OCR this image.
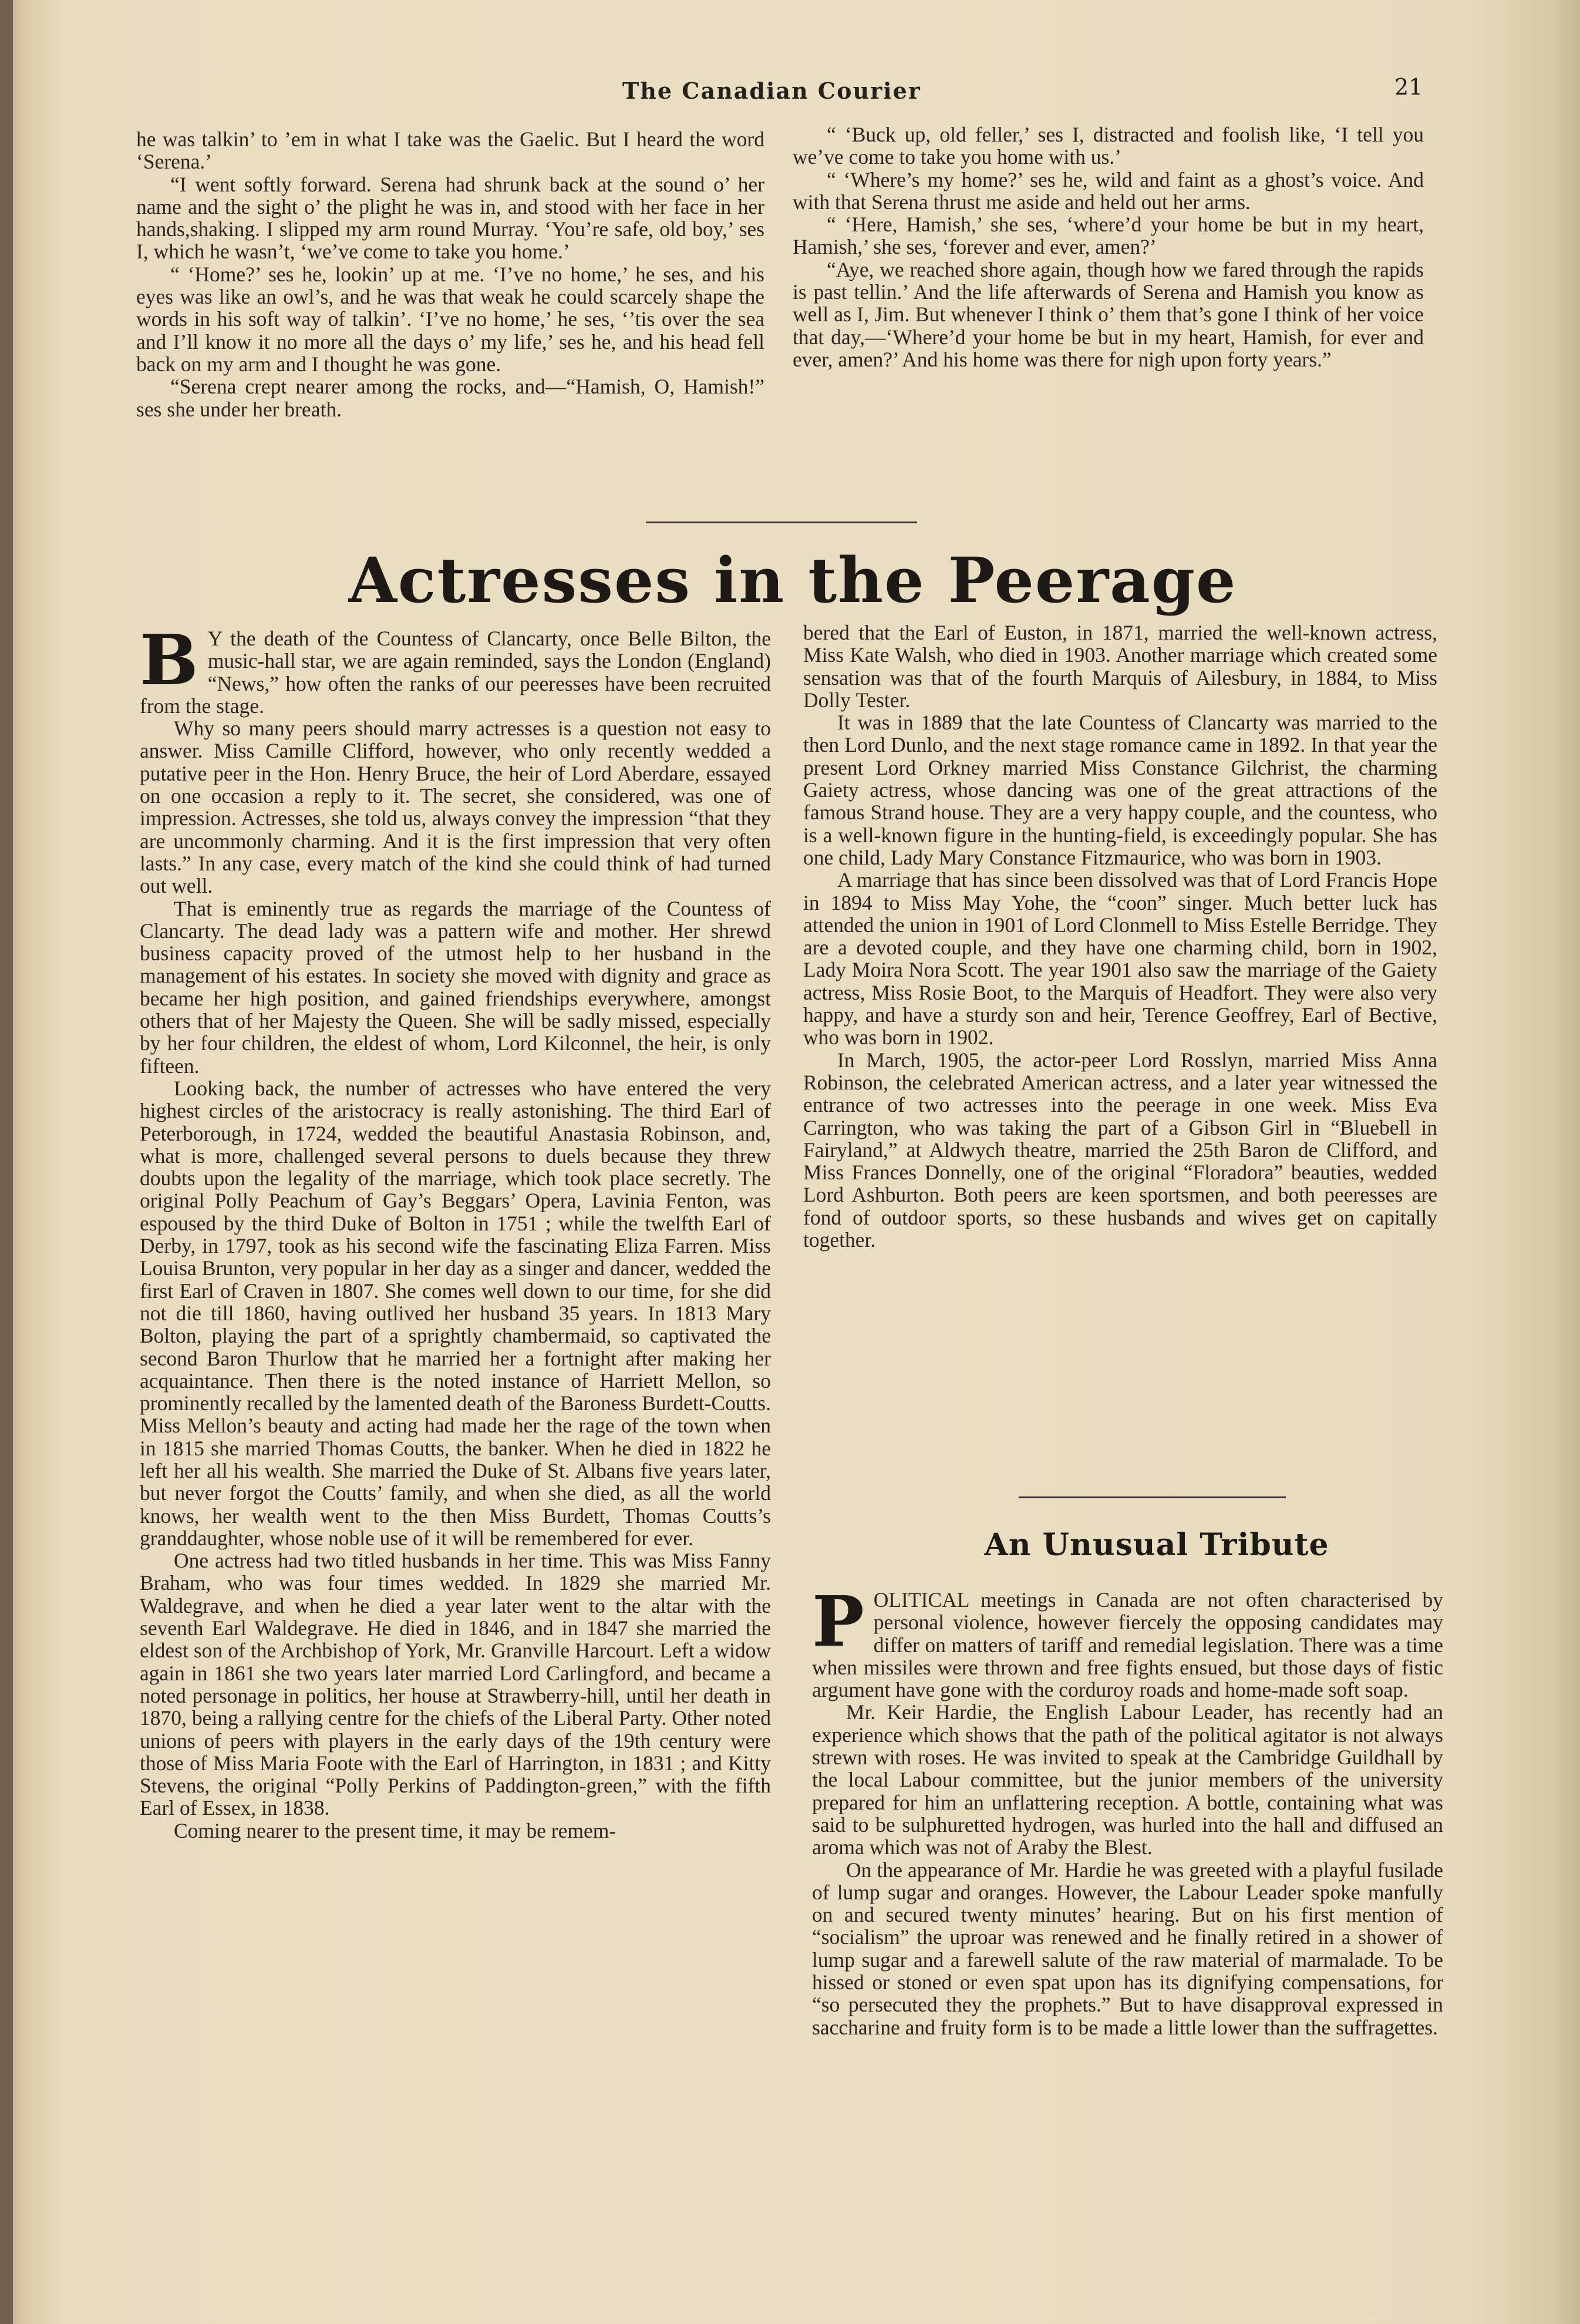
The Canadian Courier	21

he was talkin’ to ’em in what I take was the Gaelic. But I heard the word ‘Serena.’

“I went softly forward. Serena had shrunk back at the sound o’ her name and the sight o’ the plight he was in, and stood with her face in her hands,shaking. I slipped my arm round Murray. ‘You’re safe, old boy,’ ses I, which he wasn’t, ‘we’ve come to take you home.’

“ ‘Home?’ ses he, lookin’ up at me. ‘I’ve no home,’ he ses, and his eyes was like an owl’s, and he was that weak he could scarcely shape the words in his soft way of talkin’. ‘I’ve no home,’ he ses, ‘’tis over the sea and I’ll know it no more all the days o’ my life,’ ses he, and his head fell back on my arm and I thought he was gone.

“Serena crept nearer among the rocks, and—“Hamish, O, Hamish!” ses she under her breath.

“ ‘Buck up, old feller,’ ses I, distracted and foolish like, ‘I tell you we’ve come to take you home with us.’

“ ‘Where’s my home?’ ses he, wild and faint as a ghost’s voice. And with that Serena thrust me aside and held out her arms.

“ ‘Here, Hamish,’ she ses, ‘where’d your home be but in my heart, Hamish,’ she ses, ‘forever and ever, amen?’

“Aye, we reached shore again, though how we fared through the rapids is past tellin.’ And the life afterwards of Serena and Hamish you know as well as I, Jim. But whenever I think o’ them that’s gone I think of her voice that day,—‘Where’d your home be but in my heart, Hamish, for ever and ever, amen?’ And his home was there for nigh upon forty years.”

Actresses in the Peerage

B Y the death of the Countess of Clancarty, once Belle Bilton, the music-hall star, we are again reminded, says the London (England) “News,” how often the ranks of our peeresses have been recruited from the stage.

Why so many peers should marry actresses is a question not easy to answer. Miss Camille Clifford, however, who only recently wedded a putative peer in the Hon. Henry Bruce, the heir of Lord Aberdare, essayed on one occasion a reply to it. The secret, she considered, was one of impression. Actresses, she told us, always convey the impression “that they are uncommonly charming. And it is the first impression that very often lasts.” In any case, every match of the kind she could think of had turned out well.

That is eminently true as regards the marriage of the Countess of Clancarty. The dead lady was a pattern wife and mother. Her shrewd business capacity proved of the utmost help to her husband in the management of his estates. In society she moved with dignity and grace as became her high position, and gained friendships everywhere, amongst others that of her Majesty the Queen. She will be sadly missed, especially by her four children, the eldest of whom, Lord Kilconnel, the heir, is only fifteen.

Looking back, the number of actresses who have entered the very highest circles of the aristocracy is really astonishing. The third Earl of Peterborough, in 1724, wedded the beautiful Anastasia Robinson, and, what is more, challenged several persons to duels because they threw doubts upon the legality of the marriage, which took place secretly. The original Polly Peachum of Gay’s Beggars’ Opera, Lavinia Fenton, was espoused by the third Duke of Bolton in 1751 ; while the twelfth Earl of Derby, in 1797, took as his second wife the fascinating Eliza Farren. Miss Louisa Brunton, very popular in her day as a singer and dancer, wedded the first Earl of Craven in 1807. She comes well down to our time, for she did not die till 1860, having outlived her husband 35 years. In 1813 Mary Bolton, playing the part of a sprightly chambermaid, so captivated the second Baron Thurlow that he married her a fortnight after making her acquaintance. Then there is the noted instance of Harriett Mellon, so prominently recalled by the lamented death of the Baroness Burdett-Coutts. Miss Mellon’s beauty and acting had made her the rage of the town when in 1815 she married Thomas Coutts, the banker. When he died in 1822 he left her all his wealth. She married the Duke of St. Albans five years later, but never forgot the Coutts’ family, and when she died, as all the world knows, her wealth went to the then Miss Burdett, Thomas Coutts’s granddaughter, whose noble use of it will be remembered for ever.

One actress had two titled husbands in her time. This was Miss Fanny Braham, who was four times wedded. In 1829 she married Mr. Waldegrave, and when he died a year later went to the altar with the seventh Earl Waldegrave. He died in 1846, and in 1847 she married the eldest son of the Archbishop of York, Mr. Granville Harcourt. Left a widow again in 1861 she two years later married Lord Carlingford, and became a noted personage in politics, her house at Strawberry-hill, until her death in 1870, being a rallying centre for the chiefs of the Liberal Party. Other noted unions of peers with players in the early days of the 19th century were those of Miss Maria Foote with the Earl of Harrington, in 1831 ; and Kitty Stevens, the original “Polly Perkins of Paddington-green,” with the fifth Earl of Essex, in 1838.

Coming nearer to the present time, it may be remem-

bered that the Earl of Euston, in 1871, married the well-known actress, Miss Kate Walsh, who died in 1903. Another marriage which created some sensation was that of the fourth Marquis of Ailesbury, in 1884, to Miss Dolly Tester.

It was in 1889 that the late Countess of Clancarty was married to the then Lord Dunlo, and the next stage romance came in 1892. In that year the present Lord Orkney married Miss Constance Gilchrist, the charming Gaiety actress, whose dancing was one of the great attractions of the famous Strand house. They are a very happy couple, and the countess, who is a well-known figure in the hunting-field, is exceedingly popular. She has one child, Lady Mary Constance Fitzmaurice, who was born in 1903.

A marriage that has since been dissolved was that of Lord Francis Hope in 1894 to Miss May Yohe, the “coon” singer. Much better luck has attended the union in 1901 of Lord Clonmell to Miss Estelle Berridge. They are a devoted couple, and they have one charming child, born in 1902, Lady Moira Nora Scott. The year 1901 also saw the marriage of the Gaiety actress, Miss Rosie Boot, to the Marquis of Headfort. They were also very happy, and have a sturdy son and heir, Terence Geoffrey, Earl of Bective, who was born in 1902.

In March, 1905, the actor-peer Lord Rosslyn, married Miss Anna Robinson, the celebrated American actress, and a later year witnessed the entrance of two actresses into the peerage in one week. Miss Eva Carrington, who was taking the part of a Gibson Girl in “Bluebell in Fairyland,” at Aldwych theatre, married the 25th Baron de Clifford, and Miss Frances Donnelly, one of the original “Floradora” beauties, wedded Lord Ashburton. Both peers are keen sportsmen, and both peeresses are fond of outdoor sports, so these husbands and wives get on capitally together.

An Unusual Tribute

POLITICAL meetings in Canada are not often characterised by personal violence, however fiercely the opposing candidates may differ on matters of tariff and remedial legislation. There was a time when missiles were thrown and free fights ensued, but those days of fistic argument have gone with the corduroy roads and home-made soft soap.

Mr. Keir Hardie, the English Labour Leader, has recently had an experience which shows that the path of the political agitator is not always strewn with roses. He was invited to speak at the Cambridge Guildhall by the local Labour committee, but the junior members of the university prepared for him an unflattering reception. A bottle, containing what was said to be sulphuretted hydrogen, was hurled into the hall and diffused an aroma which was not of Araby the Blest.

On the appearance of Mr. Hardie he was greeted with a playful fusilade of lump sugar and oranges. However, the Labour Leader spoke manfully on and secured twenty minutes’ hearing. But on his first mention of “socialism” the uproar was renewed and he finally retired in a shower of lump sugar and a farewell salute of the raw material of marmalade. To be hissed or stoned or even spat upon has its dignifying compensations, for “so persecuted they the prophets.” But to have disapproval expressed in saccharine and fruity form is to be made a little lower than the suffragettes.
